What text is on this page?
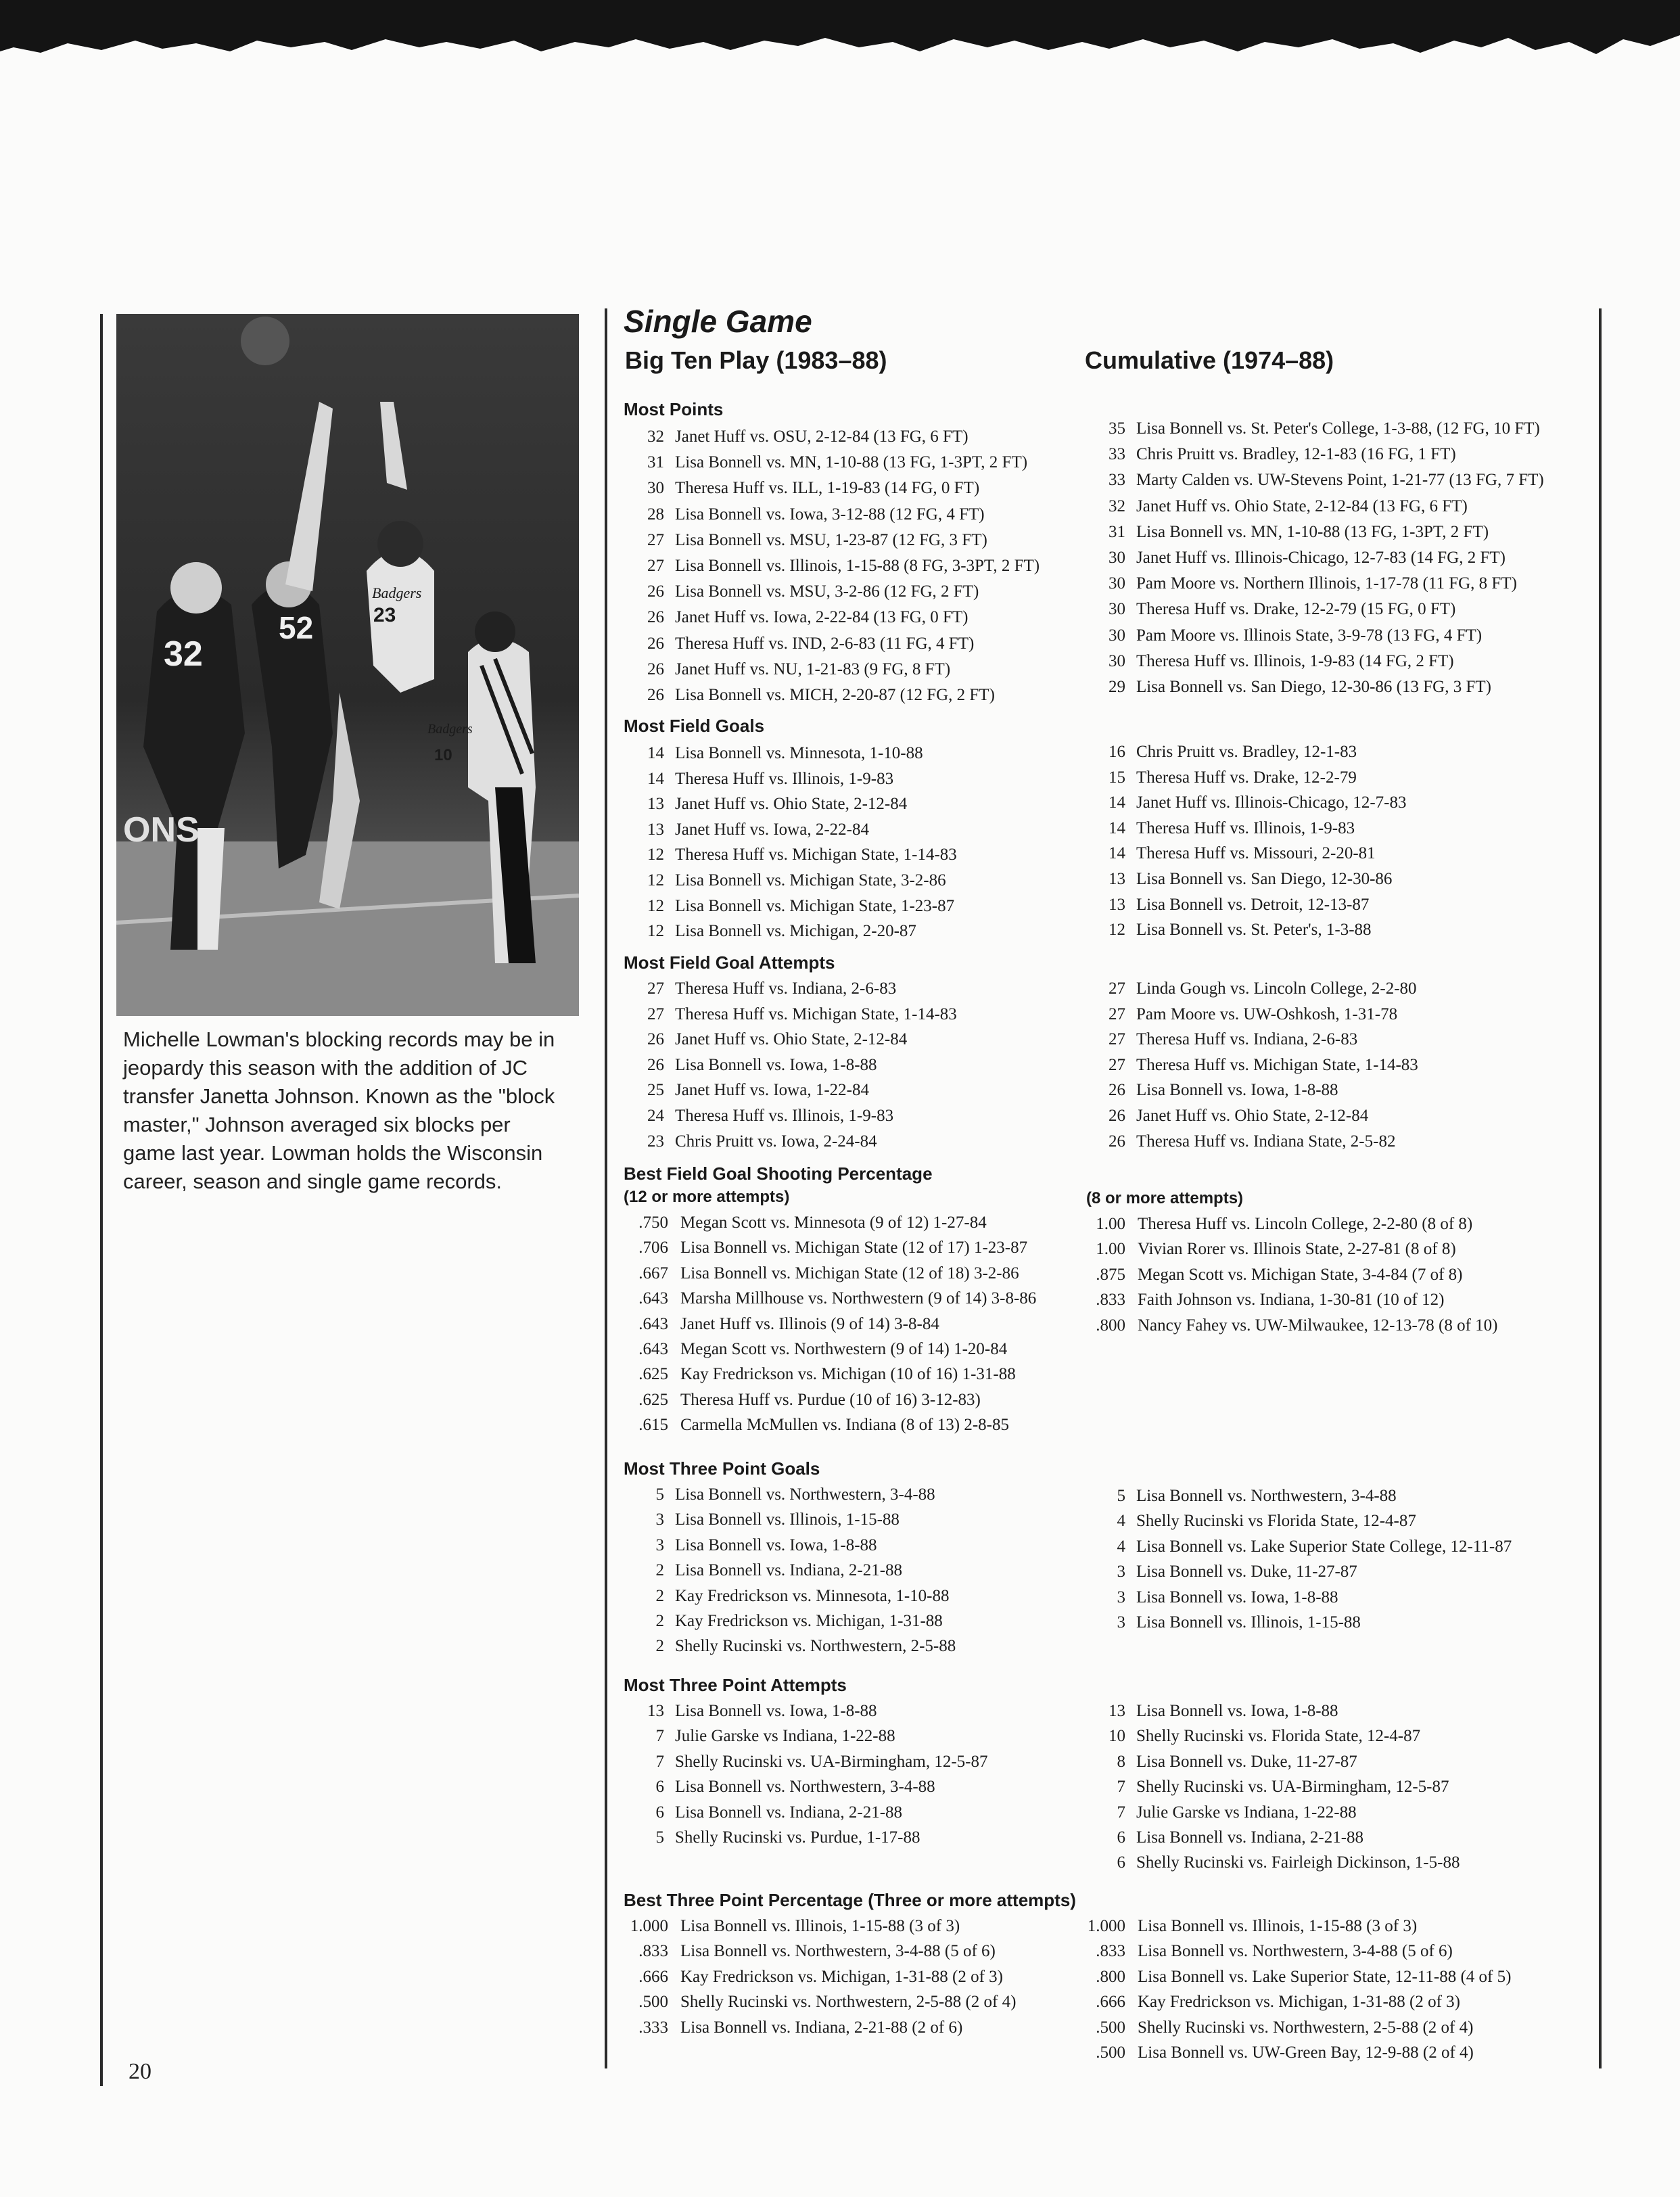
32
52	23
Badgers
Badgers
10
ONS
Michelle Lowman's blocking records may be in jeopardy this season with the addition of JC transfer Janetta Johnson. Known as the "block master," Johnson averaged six blocks per game last year. Lowman holds the Wisconsin career, season and single game records.
Single Game
Big Ten Play (1983–88)	Cumulative (1974–88)
Most Points
32 Janet Huff vs. OSU, 2-12-84 (13 FG, 6 FT)
31 Lisa Bonnell vs. MN, 1-10-88 (13 FG, 1-3PT, 2 FT)
30 Theresa Huff vs. ILL, 1-19-83 (14 FG, 0 FT)
28 Lisa Bonnell vs. Iowa, 3-12-88 (12 FG, 4 FT)
27 Lisa Bonnell vs. MSU, 1-23-87 (12 FG, 3 FT)
27 Lisa Bonnell vs. Illinois, 1-15-88 (8 FG, 3-3PT, 2 FT)
26 Lisa Bonnell vs. MSU, 3-2-86 (12 FG, 2 FT)
26 Janet Huff vs. Iowa, 2-22-84 (13 FG, 0 FT)
26 Theresa Huff vs. IND, 2-6-83 (11 FG, 4 FT)
26 Janet Huff vs. NU, 1-21-83 (9 FG, 8 FT)
26 Lisa Bonnell vs. MICH, 2-20-87 (12 FG, 2 FT)
35 Lisa Bonnell vs. St. Peter's College, 1-3-88, (12 FG, 10 FT)
33 Chris Pruitt vs. Bradley, 12-1-83 (16 FG, 1 FT)
33 Marty Calden vs. UW-Stevens Point, 1-21-77 (13 FG, 7 FT)
32 Janet Huff vs. Ohio State, 2-12-84 (13 FG, 6 FT)
31 Lisa Bonnell vs. MN, 1-10-88 (13 FG, 1-3PT, 2 FT)
30 Janet Huff vs. Illinois-Chicago, 12-7-83 (14 FG, 2 FT)
30 Pam Moore vs. Northern Illinois, 1-17-78 (11 FG, 8 FT)
30 Theresa Huff vs. Drake, 12-2-79 (15 FG, 0 FT)
30 Pam Moore vs. Illinois State, 3-9-78 (13 FG, 4 FT)
30 Theresa Huff vs. Illinois, 1-9-83 (14 FG, 2 FT)
29 Lisa Bonnell vs. San Diego, 12-30-86 (13 FG, 3 FT)
Most Field Goals
14 Lisa Bonnell vs. Minnesota, 1-10-88
14 Theresa Huff vs. Illinois, 1-9-83
13 Janet Huff vs. Ohio State, 2-12-84
13 Janet Huff vs. Iowa, 2-22-84
12 Theresa Huff vs. Michigan State, 1-14-83
12 Lisa Bonnell vs. Michigan State, 3-2-86
12 Lisa Bonnell vs. Michigan State, 1-23-87
12 Lisa Bonnell vs. Michigan, 2-20-87
16 Chris Pruitt vs. Bradley, 12-1-83
15 Theresa Huff vs. Drake, 12-2-79
14 Janet Huff vs. Illinois-Chicago, 12-7-83
14 Theresa Huff vs. Illinois, 1-9-83
14 Theresa Huff vs. Missouri, 2-20-81
13 Lisa Bonnell vs. San Diego, 12-30-86
13 Lisa Bonnell vs. Detroit, 12-13-87
12 Lisa Bonnell vs. St. Peter's, 1-3-88
Most Field Goal Attempts
27 Theresa Huff vs. Indiana, 2-6-83
27 Theresa Huff vs. Michigan State, 1-14-83
26 Janet Huff vs. Ohio State, 2-12-84
26 Lisa Bonnell vs. Iowa, 1-8-88
25 Janet Huff vs. Iowa, 1-22-84
24 Theresa Huff vs. Illinois, 1-9-83
23 Chris Pruitt vs. Iowa, 2-24-84
27 Linda Gough vs. Lincoln College, 2-2-80
27 Pam Moore vs. UW-Oshkosh, 1-31-78
27 Theresa Huff vs. Indiana, 2-6-83
27 Theresa Huff vs. Michigan State, 1-14-83
26 Lisa Bonnell vs. Iowa, 1-8-88
26 Janet Huff vs. Ohio State, 2-12-84
26 Theresa Huff vs. Indiana State, 2-5-82
Best Field Goal Shooting Percentage
(12 or more attempts)	(8 or more attempts)
.750 Megan Scott vs. Minnesota (9 of 12) 1-27-84
.706 Lisa Bonnell vs. Michigan State (12 of 17) 1-23-87
.667 Lisa Bonnell vs. Michigan State (12 of 18) 3-2-86
.643 Marsha Millhouse vs. Northwestern (9 of 14) 3-8-86
.643 Janet Huff vs. Illinois (9 of 14) 3-8-84
.643 Megan Scott vs. Northwestern (9 of 14) 1-20-84
.625 Kay Fredrickson vs. Michigan (10 of 16) 1-31-88
.625 Theresa Huff vs. Purdue (10 of 16) 3-12-83)
.615 Carmella McMullen vs. Indiana (8 of 13) 2-8-85
1.00 Theresa Huff vs. Lincoln College, 2-2-80 (8 of 8)
1.00 Vivian Rorer vs. Illinois State, 2-27-81 (8 of 8)
.875 Megan Scott vs. Michigan State, 3-4-84 (7 of 8)
.833 Faith Johnson vs. Indiana, 1-30-81 (10 of 12)
.800 Nancy Fahey vs. UW-Milwaukee, 12-13-78 (8 of 10)
Most Three Point Goals
5 Lisa Bonnell vs. Northwestern, 3-4-88
3 Lisa Bonnell vs. Illinois, 1-15-88
3 Lisa Bonnell vs. Iowa, 1-8-88
2 Lisa Bonnell vs. Indiana, 2-21-88
2 Kay Fredrickson vs. Minnesota, 1-10-88
2 Kay Fredrickson vs. Michigan, 1-31-88
2 Shelly Rucinski vs. Northwestern, 2-5-88
5 Lisa Bonnell vs. Northwestern, 3-4-88
4 Shelly Rucinski vs Florida State, 12-4-87
4 Lisa Bonnell vs. Lake Superior State College, 12-11-87
3 Lisa Bonnell vs. Duke, 11-27-87
3 Lisa Bonnell vs. Iowa, 1-8-88
3 Lisa Bonnell vs. Illinois, 1-15-88
Most Three Point Attempts
13 Lisa Bonnell vs. Iowa, 1-8-88
7 Julie Garske vs Indiana, 1-22-88
7 Shelly Rucinski vs. UA-Birmingham, 12-5-87
6 Lisa Bonnell vs. Northwestern, 3-4-88
6 Lisa Bonnell vs. Indiana, 2-21-88
5 Shelly Rucinski vs. Purdue, 1-17-88
13 Lisa Bonnell vs. Iowa, 1-8-88
10 Shelly Rucinski vs. Florida State, 12-4-87
8 Lisa Bonnell vs. Duke, 11-27-87
7 Shelly Rucinski vs. UA-Birmingham, 12-5-87
7 Julie Garske vs Indiana, 1-22-88
6 Lisa Bonnell vs. Indiana, 2-21-88
6 Shelly Rucinski vs. Fairleigh Dickinson, 1-5-88
Best Three Point Percentage (Three or more attempts)
1.000 Lisa Bonnell vs. Illinois, 1-15-88 (3 of 3)
.833 Lisa Bonnell vs. Northwestern, 3-4-88 (5 of 6)
.666 Kay Fredrickson vs. Michigan, 1-31-88 (2 of 3)
.500 Shelly Rucinski vs. Northwestern, 2-5-88 (2 of 4)
.333 Lisa Bonnell vs. Indiana, 2-21-88 (2 of 6)
1.000 Lisa Bonnell vs. Illinois, 1-15-88 (3 of 3)
.833 Lisa Bonnell vs. Northwestern, 3-4-88 (5 of 6)
.800 Lisa Bonnell vs. Lake Superior State, 12-11-88 (4 of 5)
.666 Kay Fredrickson vs. Michigan, 1-31-88 (2 of 3)
.500 Shelly Rucinski vs. Northwestern, 2-5-88 (2 of 4)
.500 Lisa Bonnell vs. UW-Green Bay, 12-9-88 (2 of 4)
20
